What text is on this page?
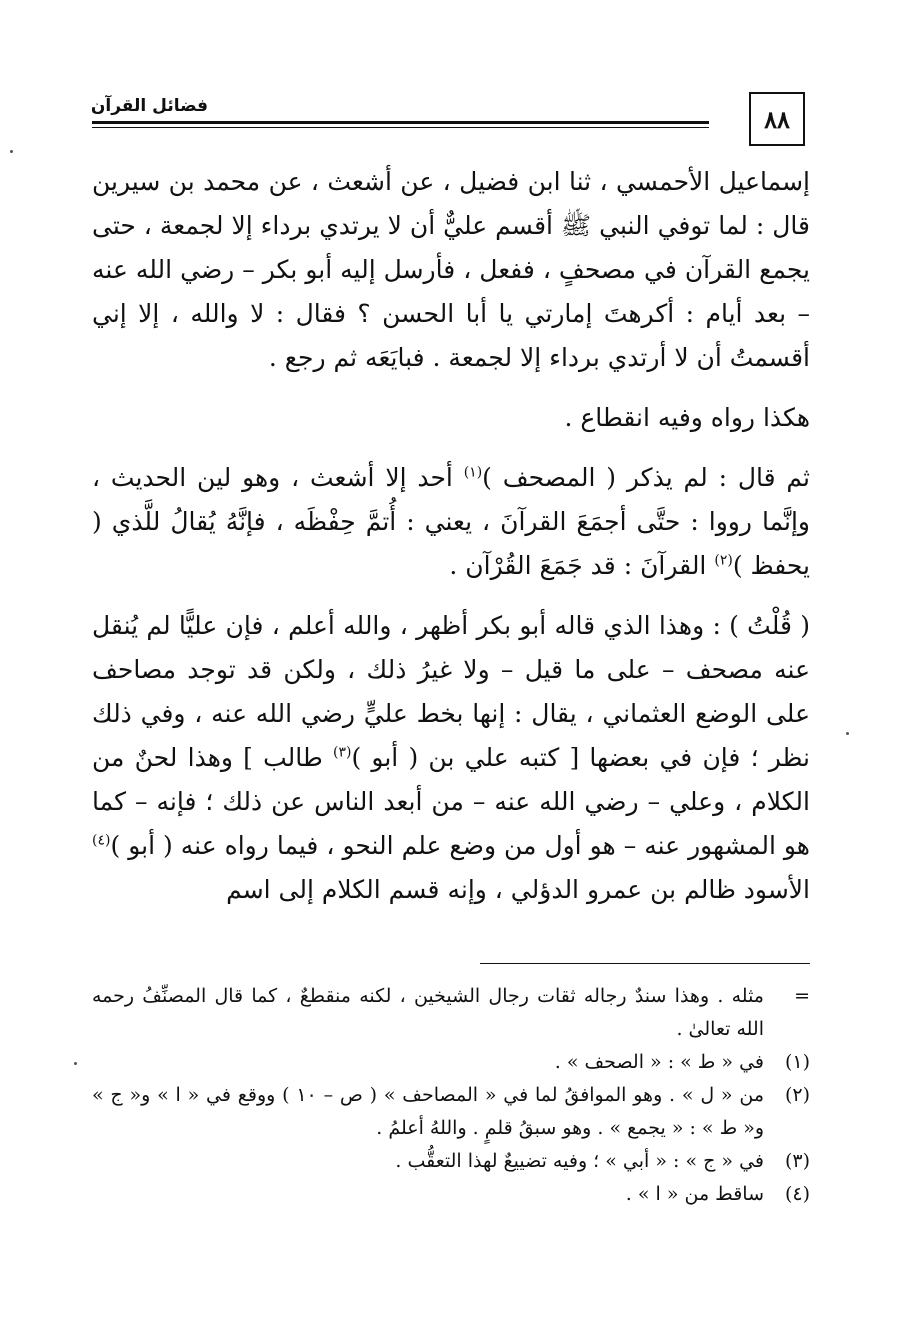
٨٨
فضائل القرآن

إسماعيل الأحمسي ، ثنا ابن فضيل ، عن أشعث ، عن محمد بن سيرين قال : لما توفي النبي ﷺ أقسم عليٌّ أن لا يرتدي برداء إلا لجمعة ، حتى يجمع القرآن في مصحفٍ ، ففعل ، فأرسل إليه أبو بكر – رضي الله عنه – بعد أيام : أكرهتَ إمارتي يا أبا الحسن ؟ فقال : لا والله ، إلا إني أقسمتُ أن لا أرتدي برداء إلا لجمعة . فبايَعَه ثم رجع .

هكذا رواه وفيه انقطاع .

ثم قال : لم يذكر ( المصحف )$^{(١)}$ أحد إلا أشعث ، وهو لين الحديث ، وإنَّما رووا : حتَّى أجمَعَ القرآنَ ، يعني : أُتمَّ حِفْظَه ، فإنَّهُ يُقالُ للَّذي ( يحفظ )$^{(٢)}$ القرآنَ : قد جَمَعَ القُرْآن .

( قُلْتُ ) : وهذا الذي قاله أبو بكر أظهر ، والله أعلم ، فإن عليًّا لم يُنقل عنه مصحف – على ما قيل – ولا غيرُ ذلك ، ولكن قد توجد مصاحف على الوضع العثماني ، يقال : إنها بخط عليٍّ رضي الله عنه ، وفي ذلك نظر ؛ فإن في بعضها [ كتبه علي بن ( أبو )$^{(٣)}$ طالب ] وهذا لحنٌ من الكلام ، وعلي – رضي الله عنه – من أبعد الناس عن ذلك ؛ فإنه – كما هو المشهور عنه – هو أول من وضع علم النحو ، فيما رواه عنه ( أبو )$^{(٤)}$ الأسود ظالم بن عمرو الدؤلي ، وإنه قسم الكلام إلى اسم

=
مثله . وهذا سندٌ رجاله ثقات رجال الشيخين ، لكنه منقطعٌ ، كما قال المصنِّفُ رحمه الله تعالىٰ .
(١)
في « ط » : « الصحف » .
(٢)
من « ل » . وهو الموافقُ لما في « المصاحف » ( ص – ١٠ ) ووقع في « ا » و« ج » و« ط » : « يجمع » . وهو سبقُ قلمٍ . واللهُ أعلمُ .
(٣)
في « ج » : « أبي » ؛ وفيه تضييعٌ لهذا التعقُّب .
(٤)
ساقط من « ا » .
